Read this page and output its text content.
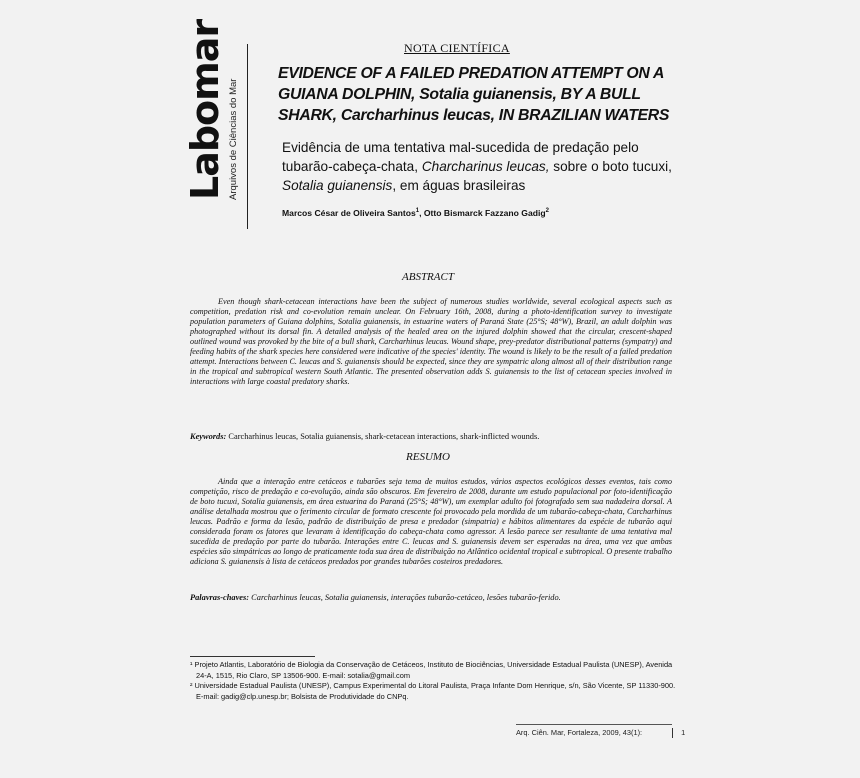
Labomar Arquivos de Ciências do Mar
NOTA CIENTÍFICA
EVIDENCE OF A FAILED PREDATION ATTEMPT ON A GUIANA DOLPHIN, Sotalia guianensis, BY A BULL SHARK, Carcharhinus leucas, IN BRAZILIAN WATERS
Evidência de uma tentativa mal-sucedida de predação pelo tubarão-cabeça-chata, Charcharinus leucas, sobre o boto tucuxi, Sotalia guianensis, em águas brasileiras
Marcos César de Oliveira Santos$^1$, Otto Bismarck Fazzano Gadig$^2$
ABSTRACT
Even though shark-cetacean interactions have been the subject of numerous studies worldwide, several ecological aspects such as competition, predation risk and co-evolution remain unclear. On February 16th, 2008, during a photo-identification survey to investigate population parameters of Guiana dolphins, Sotalia guianensis, in estuarine waters of Paraná State (25°S; 48°W), Brazil, an adult dolphin was photographed without its dorsal fin. A detailed analysis of the healed area on the injured dolphin showed that the circular, crescent-shaped outlined wound was provoked by the bite of a bull shark, Carcharhinus leucas. Wound shape, prey-predator distributional patterns (sympatry) and feeding habits of the shark species here considered were indicative of the species' identity. The wound is likely to be the result of a failed predation attempt. Interactions between C. leucas and S. guianensis should be expected, since they are sympatric along almost all of their distribution range in the tropical and subtropical western South Atlantic. The presented observation adds S. guianensis to the list of cetacean species involved in interactions with large coastal predatory sharks.
Keywords: Carcharhinus leucas, Sotalia guianensis, shark-cetacean interactions, shark-inflicted wounds.
RESUMO
Ainda que a interação entre cetáceos e tubarões seja tema de muitos estudos, vários aspectos ecológicos desses eventos, tais como competição, risco de predação e co-evolução, ainda são obscuros. Em fevereiro de 2008, durante um estudo populacional por foto-identificação de boto tucuxi, Sotalia guianensis, em área estuarina do Paraná (25°S; 48°W), um exemplar adulto foi fotografado sem sua nadadeira dorsal. A análise detalhada mostrou que o ferimento circular de formato crescente foi provocado pela mordida de um tubarão-cabeça-chata, Carcharhinus leucas. Padrão e forma da lesão, padrão de distribuição de presa e predador (simpatria) e hábitos alimentares da espécie de tubarão aqui considerada foram os fatores que levaram à identificação do cabeça-chata como agressor. A lesão parece ser resultante de uma tentativa mal sucedida de predação por parte do tubarão. Interações entre C. leucas and S. guianensis devem ser esperadas na área, uma vez que ambas espécies são simpátricas ao longo de praticamente toda sua área de distribuição no Atlântico ocidental tropical e subtropical. O presente trabalho adiciona S. guianensis à lista de cetáceos predados por grandes tubarões costeiros predadores.
Palavras-chaves: Carcharhinus leucas, Sotalia guianensis, interações tubarão-cetáceo, lesões tubarão-ferido.
¹ Projeto Atlantis, Laboratório de Biologia da Conservação de Cetáceos, Instituto de Biociências, Universidade Estadual Paulista (UNESP), Avenida 24-A, 1515, Rio Claro, SP 13506-900. E-mail: sotalia@gmail.com
² Universidade Estadual Paulista (UNESP), Campus Experimental do Litoral Paulista, Praça Infante Dom Henrique, s/n, São Vicente, SP 11330-900. E-mail: gadig@clp.unesp.br; Bolsista de Produtividade do CNPq.
Arq. Ciên. Mar, Fortaleza, 2009, 43(1):	1
